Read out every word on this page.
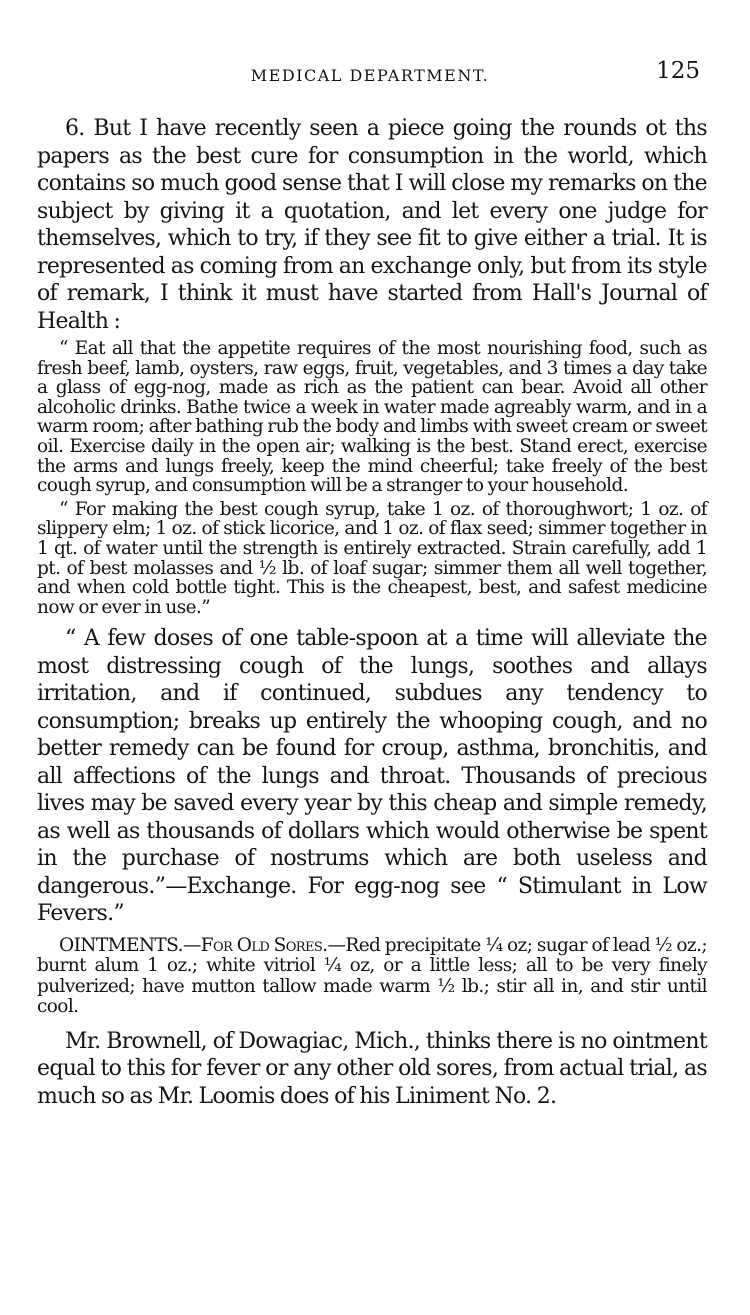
MEDICAL DEPARTMENT.	125

6. But I have recently seen a piece going the rounds ot ths papers as the best cure for consumption in the world, which contains so much good sense that I will close my remarks on the subject by giving it a quotation, and let every one judge for themselves, which to try, if they see fit to give either a trial. It is represented as coming from an exchange only, but from its style of remark, I think it must have started from Hall's Journal of Health :

“ Eat all that the appetite requires of the most nourishing food, such as fresh beef, lamb, oysters, raw eggs, fruit, vegetables, and 3 times a day take a glass of egg-nog, made as rich as the patient can bear. Avoid all other alcoholic drinks. Bathe twice a week in water made agreably warm, and in a warm room; after bathing rub the body and limbs with sweet cream or sweet oil. Exercise daily in the open air; walking is the best. Stand erect, exercise the arms and lungs freely, keep the mind cheerful; take freely of the best cough syrup, and consumption will be a stranger to your household.

“ For making the best cough syrup, take 1 oz. of thoroughwort; 1 oz. of slippery elm; 1 oz. of stick licorice, and 1 oz. of flax seed; simmer together in 1 qt. of water until the strength is entirely extracted. Strain carefully, add 1 pt. of best molasses and ½ lb. of loaf sugar; simmer them all well together, and when cold bottle tight. This is the cheapest, best, and safest medicine now or ever in use.”

“ A few doses of one table-spoon at a time will alleviate the most distressing cough of the lungs, soothes and allays irritation, and if continued, subdues any tendency to consumption; breaks up entirely the whooping cough, and no better remedy can be found for croup, asthma, bronchitis, and all affections of the lungs and throat. Thousands of precious lives may be saved every year by this cheap and simple remedy, as well as thousands of dollars which would otherwise be spent in the purchase of nostrums which are both useless and dangerous.”—Exchange. For egg-nog see “ Stimulant in Low Fevers.”

OINTMENTS.—For Old Sores.—Red precipitate ¼ oz; sugar of lead ½ oz.; burnt alum 1 oz.; white vitriol ¼ oz, or a little less; all to be very finely pulverized; have mutton tallow made warm ½ lb.; stir all in, and stir until cool.

Mr. Brownell, of Dowagiac, Mich., thinks there is no ointment equal to this for fever or any other old sores, from actual trial, as much so as Mr. Loomis does of his Liniment No. 2.
